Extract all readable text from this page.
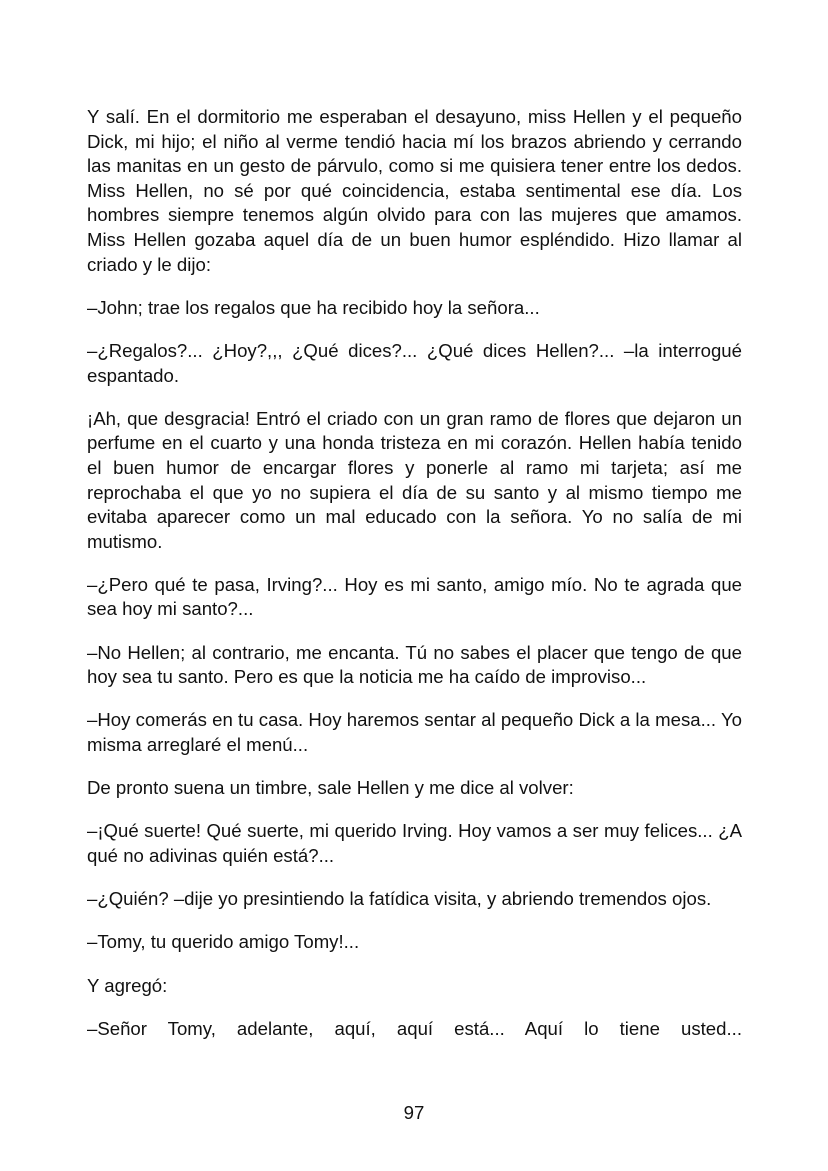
Y salí. En el dormitorio me esperaban el desayuno, miss Hellen y el pequeño Dick, mi hijo; el niño al verme tendió hacia mí los brazos abriendo y cerrando las manitas en un gesto de párvulo, como si me quisiera tener entre los dedos. Miss Hellen, no sé por qué coincidencia, estaba sentimental ese día. Los hombres siempre tenemos algún olvido para con las mujeres que amamos. Miss Hellen gozaba aquel día de un buen humor espléndido. Hizo llamar al criado y le dijo:

–John; trae los regalos que ha recibido hoy la señora...

–¿Regalos?... ¿Hoy?,,, ¿Qué dices?... ¿Qué dices Hellen?... –la interrogué espantado.

¡Ah, que desgracia! Entró el criado con un gran ramo de flores que dejaron un perfume en el cuarto y una honda tristeza en mi corazón. Hellen había tenido el buen humor de encargar flores y ponerle al ramo mi tarjeta; así me reprochaba el que yo no supiera el día de su santo y al mismo tiempo me evitaba aparecer como un mal educado con la señora. Yo no salía de mi mutismo.

–¿Pero qué te pasa, Irving?... Hoy es mi santo, amigo mío. No te agrada que sea hoy mi santo?...

–No Hellen; al contrario, me encanta. Tú no sabes el placer que tengo de que hoy sea tu santo. Pero es que la noticia me ha caído de improviso...

–Hoy comerás en tu casa. Hoy haremos sentar al pequeño Dick a la mesa... Yo misma arreglaré el menú...

De pronto suena un timbre, sale Hellen y me dice al volver:

–¡Qué suerte! Qué suerte, mi querido Irving. Hoy vamos a ser muy felices... ¿A qué no adivinas quién está?...

–¿Quién? –dije yo presintiendo la fatídica visita, y abriendo tremendos ojos.

–Tomy, tu querido amigo Tomy!...

Y agregó:

–Señor Tomy, adelante, aquí, aquí está... Aquí lo tiene usted...

97
